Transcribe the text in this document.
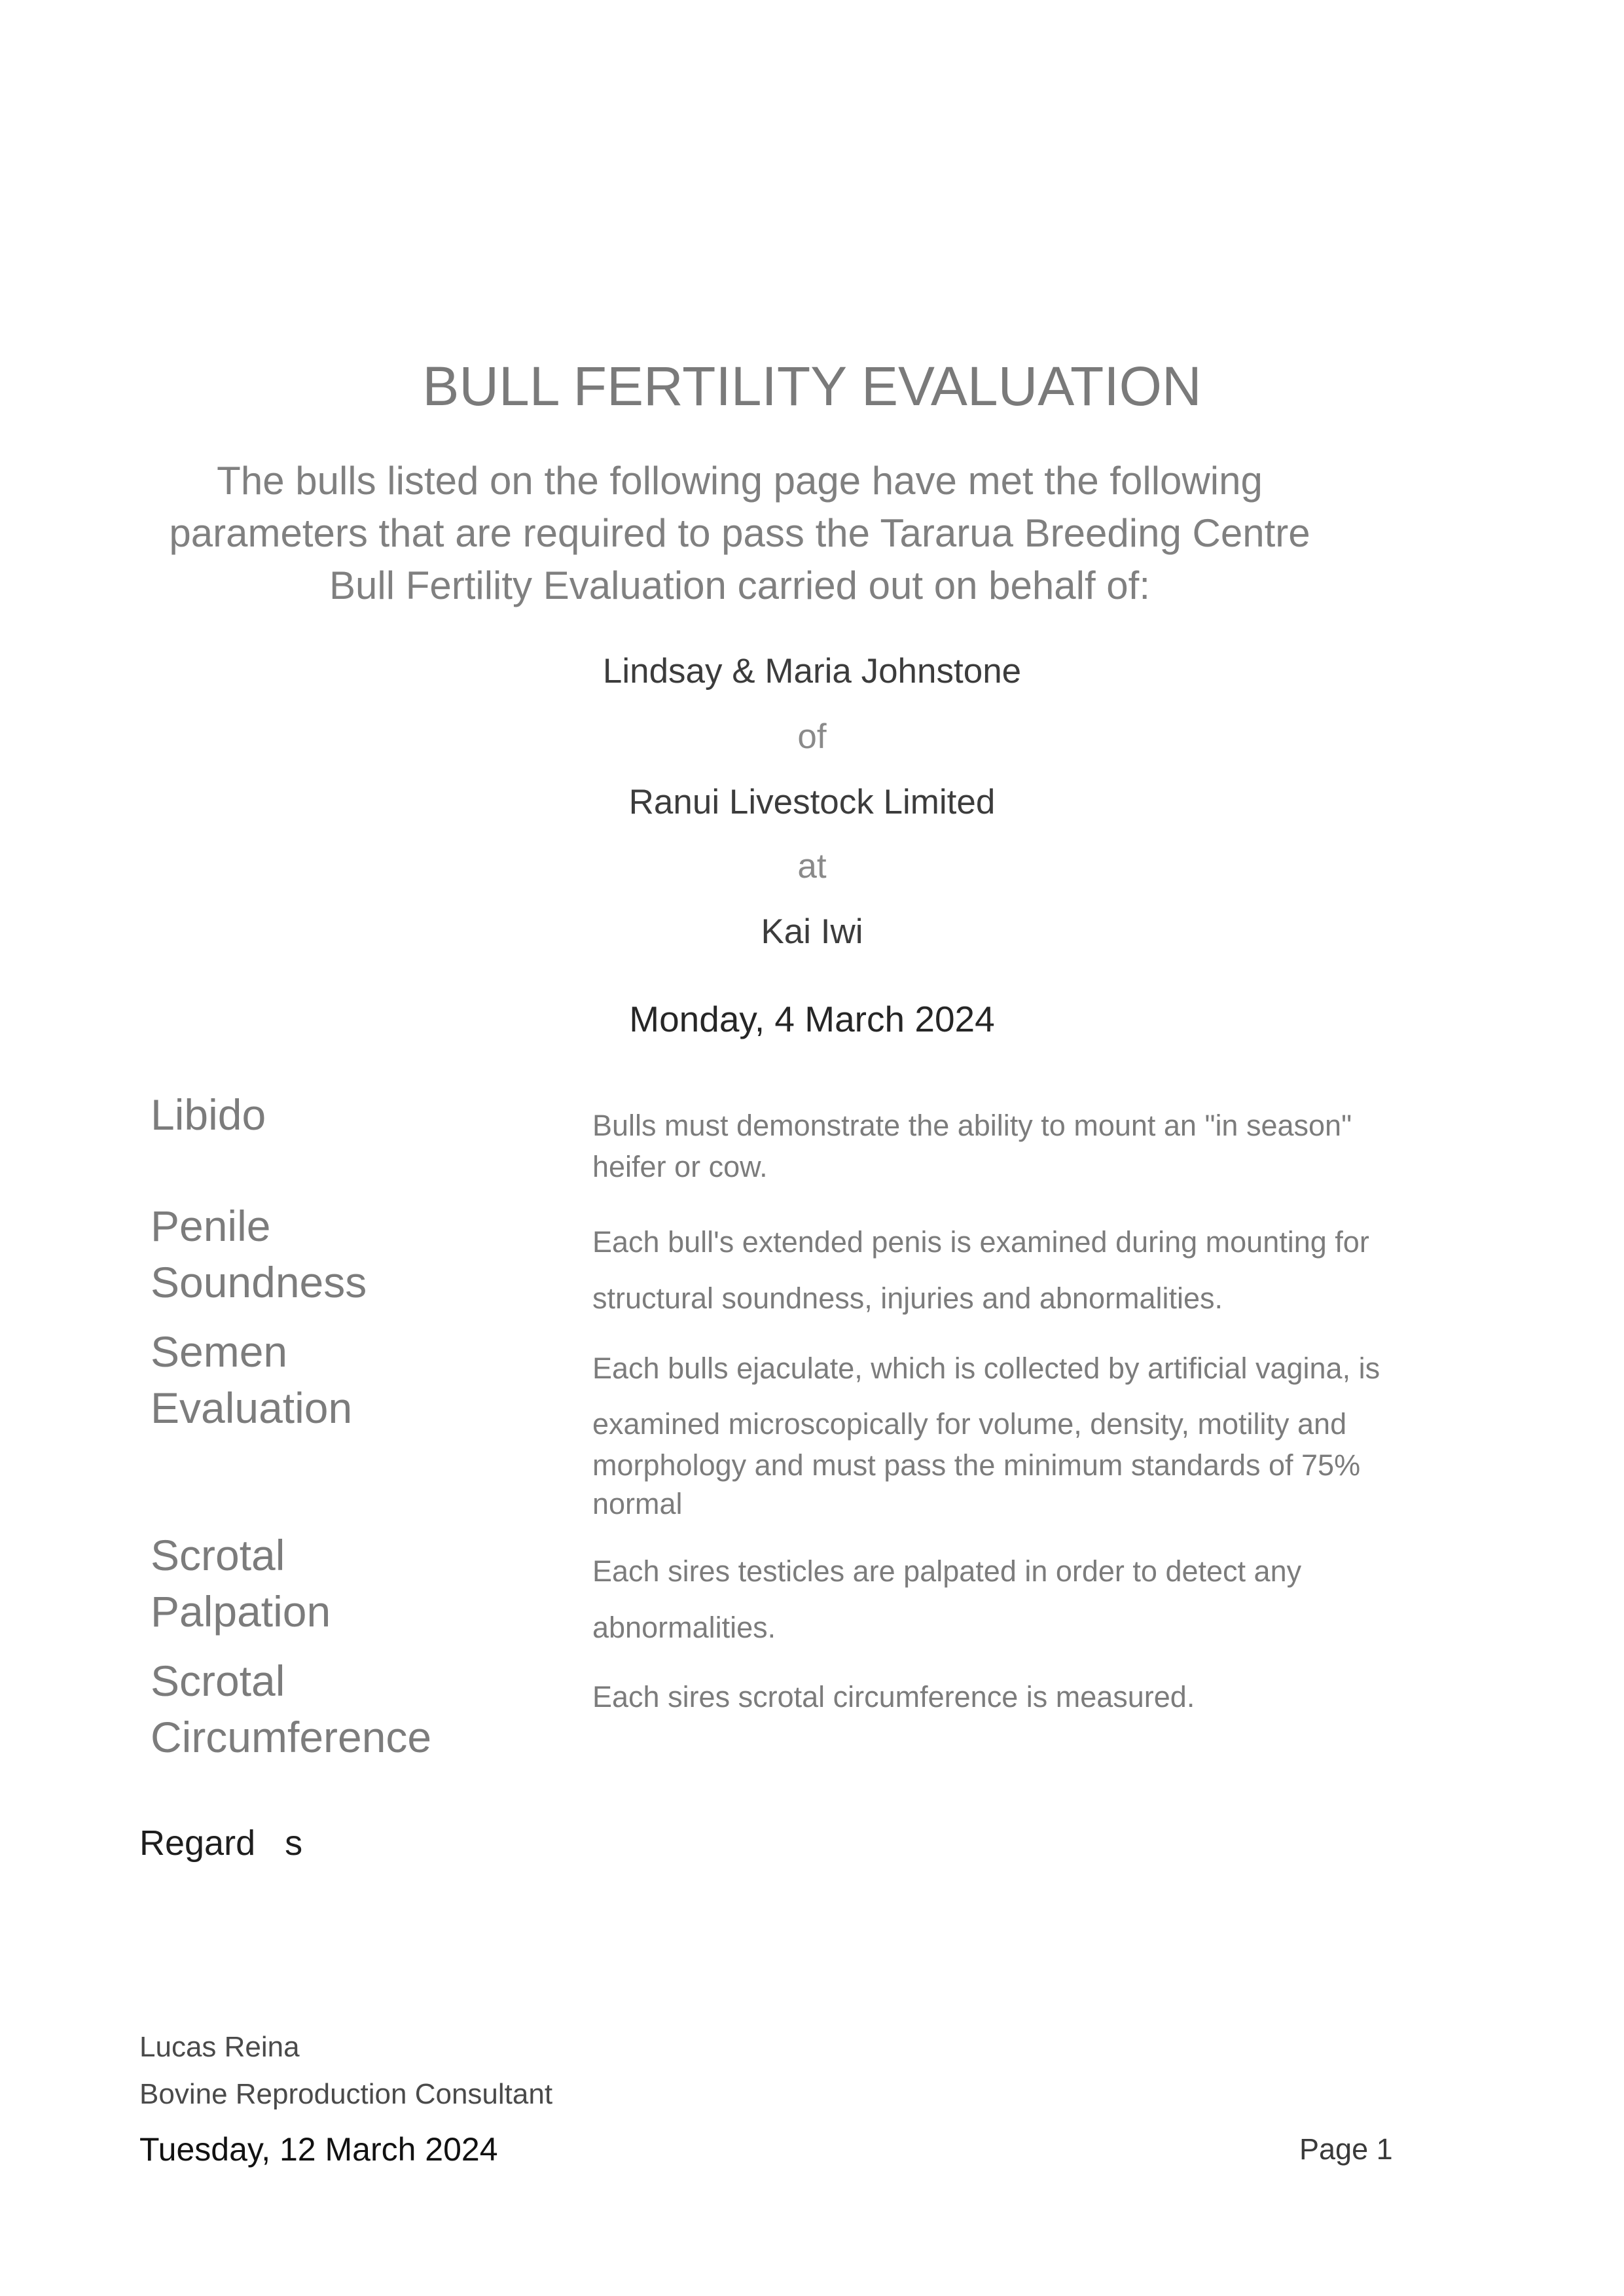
BULL FERTILITY EVALUATION
The bulls listed on the following page have met the following
parameters that are required to pass the Tararua Breeding Centre
Bull Fertility Evaluation carried out on behalf of:
Lindsay & Maria Johnstone
of
Ranui Livestock Limited
at
Kai Iwi
Monday, 4 March 2024
Libido	Bulls must demonstrate the ability to mount an "in season"
heifer or cow.
Penile
Soundness
Each bull's extended penis is examined during mounting for
structural soundness, injuries and abnormalities.
Semen
Evaluation
Each bulls ejaculate, which is collected by artificial vagina, is
examined microscopically for volume, density, motility and
morphology and must pass the minimum standards of 75%
normal
Scrotal
Palpation
Each sires testicles are palpated in order to detect any
abnormalities.
Scrotal
Circumference
Each sires scrotal circumference is measured.
Regard   s
Lucas Reina
Bovine Reproduction Consultant
Tuesday, 12 March 2024	Page 1
